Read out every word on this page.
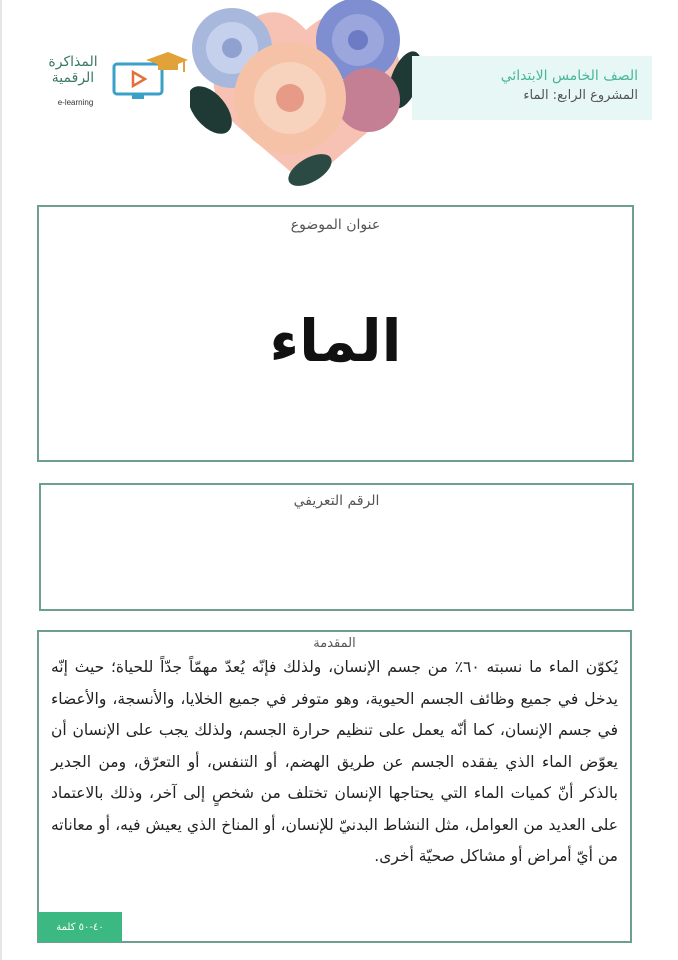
المذاكرة الرقمية
e-learning
الصف الخامس الابتدائي
المشروع الرابع: الماء
عنوان الموضوع
الماء
الرقم التعريفي
المقدمة
يُكوّن الماء ما نسبته ٦٠٪ من جسم الإنسان، ولذلك فإنّه يُعدّ مهمّاً جدّاً للحياة؛ حيث إنّه يدخل في جميع وظائف الجسم الحيوية، وهو متوفر في جميع الخلايا، والأنسجة، والأعضاء في جسم الإنسان، كما أنّه يعمل على تنظيم حرارة الجسم، ولذلك يجب على الإنسان أن يعوّض الماء الذي يفقده الجسم عن طريق الهضم، أو التنفس، أو التعرّق، ومن الجدير بالذكر أنّ كميات الماء التي يحتاجها الإنسان تختلف من شخصٍ إلى آخر، وذلك بالاعتماد على العديد من العوامل، مثل النشاط البدنيّ للإنسان، أو المناخ الذي يعيش فيه، أو معاناته من أيّ أمراض أو مشاكل صحيّة أخرى.
٤٠-٥٠ كلمة
